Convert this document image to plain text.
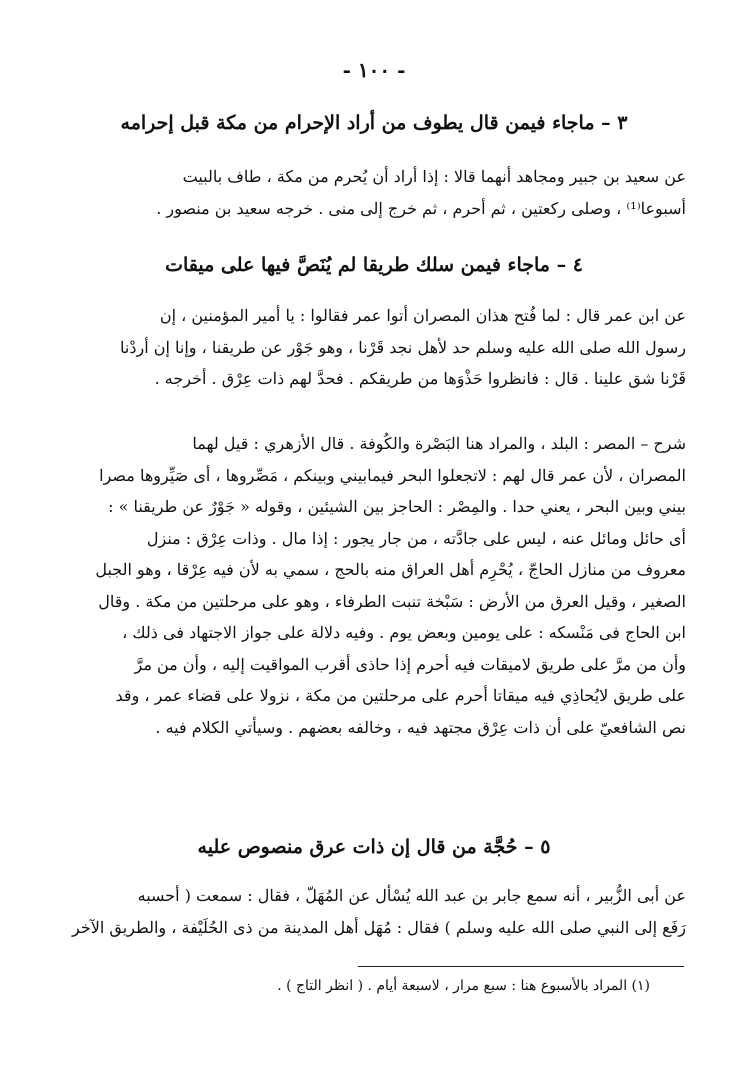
- ١٠٠ -
٣ – ماجاء فيمن قال يطوف من أراد الإحرام من مكة قبل إحرامه
عن سعيد بن جبير ومجاهد أنهما قالا : إذا أراد أن يُحرم من مكة ، طاف بالبيت
أسبوعا⁽¹⁾ ، وصلى ركعتين ، ثم أحرم ، ثم خرج إلى منى . خرجه سعيد بن منصور .
٤ – ماجاء فيمن سلك طريقا لم يُنَصَّ فيها على ميقات
عن ابن عمر قال : لما فُتح هذان المصران أتوا عمر فقالوا : يا أمير المؤمنين ، إن
رسول الله صلى الله عليه وسلم حد لأهل نجد قَرْنا ، وهو جَوْر عن طريقنا ، وإنا إن أردْنا
قَرْنا شق علينا . قال : فانظروا حَذْوَها من طريقكم . فحدَّ لهم ذات عِرْق . أخرجه .
شرح – المصر : البلد ، والمراد هنا البَصْرة والكُوفة . قال الأزهري : قيل لهما
المصران ، لأن عمر قال لهم : لاتجعلوا البحر فيمابيني وبينكم ، مَصِّروها ، أى صَيِّروها مصرا
بيني وبين البحر ، يعني حدا . والمِصْر : الحاجز بين الشيئين ، وقوله « جَوْرٌ عن طريقنا » :
أى حائل ومائل عنه ، ليس على جادَّته ، من جار يجور : إذا مال . وذات عِرْق : منزل
معروف من منازل الحاجّ ، يُحْرِم أهل العراق منه بالحج ، سمي به لأن فيه عِرْقا ، وهو الجبل
الصغير ، وقيل العرق من الأرض : سَبْخة تنبت الطرفاء ، وهو على مرحلتين من مكة . وقال
ابن الحاج فى مَنْسكه : على يومين وبعض يوم . وفيه دلالة على جواز الاجتهاد فى ذلك ،
وأن من مرَّ على طريق لاميقات فيه أحرم إذا حاذى أقرب المواقيت إليه ، وأن من مرَّ
على طريق لايُحاذِي فيه ميقاتا أحرم على مرحلتين من مكة ، نزولا على قضاء عمر ، وقد
نص الشافعيّ على أن ذات عِرْق مجتهد فيه ، وخالفه بعضهم . وسيأتي الكلام فيه .
٥ – حُجَّة من قال إن ذات عرق منصوص عليه
عن أبى الزُّبير ، أنه سمع جابر بن عبد الله يُسْأل عن المُهَلّ ، فقال : سمعت ( أحسبه
رَفَع إلى النبي صلى الله عليه وسلم ) فقال : مُهَل أهل المدينة من ذى الحُلَيْفة ، والطريق الآخر
(١) المراد بالأسبوع هنا : سبع مرار ، لاسبعة أيام . ( انظر التاج ) .
